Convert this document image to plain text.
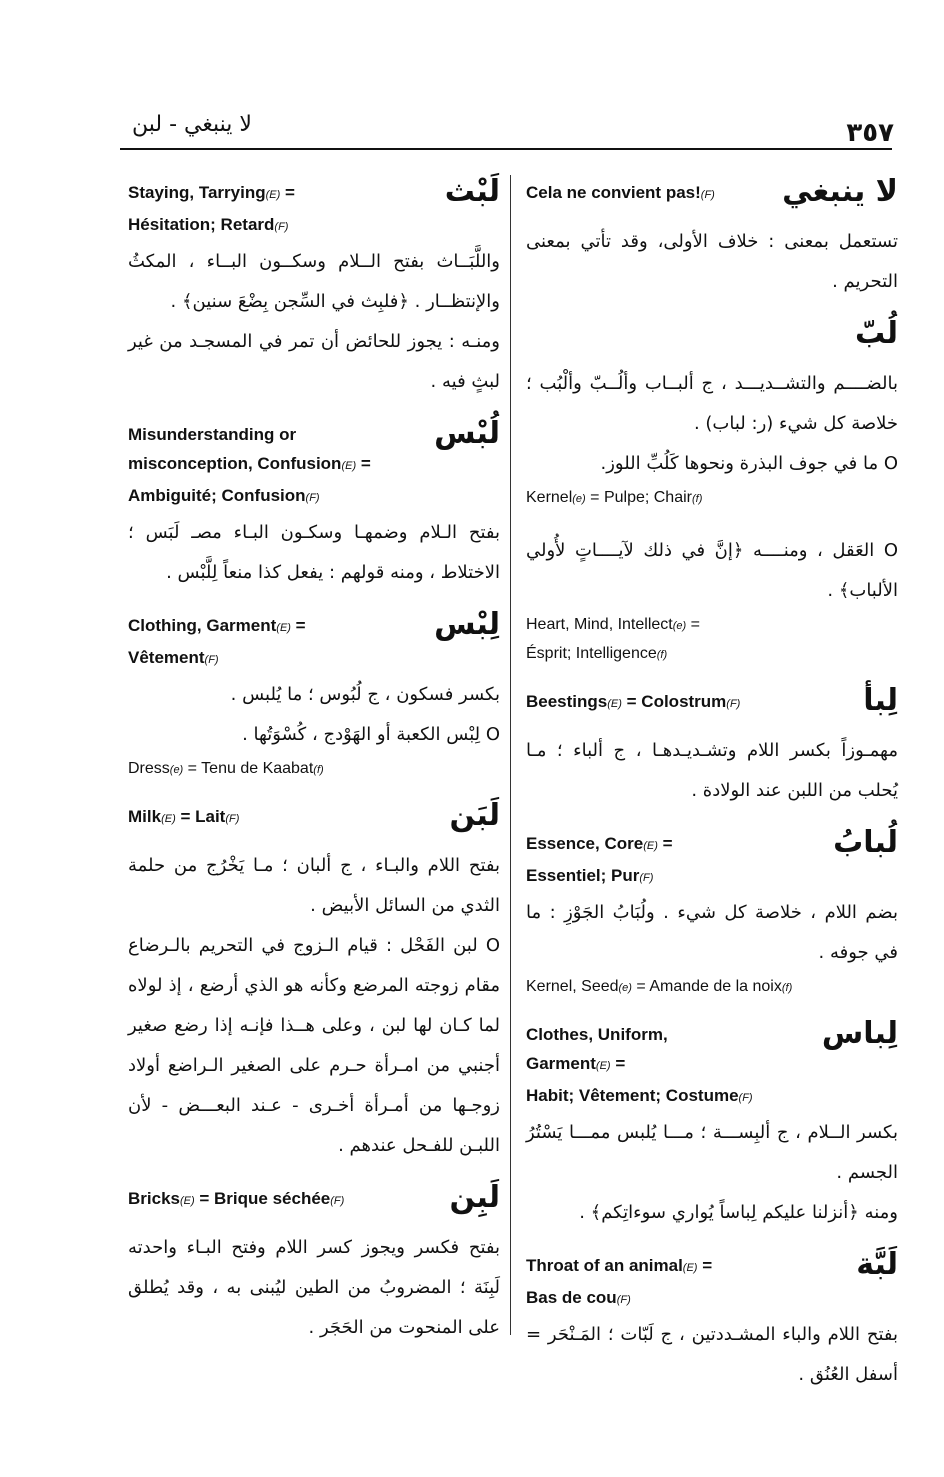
لا ينبغي - لبن	٣٥٧
لَبْث
Staying, Tarrying(E) =
Hésitation; Retard(F)
واللَّبَــاث بفتح الــلام وسكــون البــاء ، المكثُ والإنتظــار . ﴿فلبِث في السِّجن بِضْعَ سنين﴾ .
ومنـه : يجوز للحائض أن تمر في المسجـد من غير لبثٍ فيه .
لُبْس
Misunderstanding or
misconception, Confusion(E) =
Ambiguité; Confusion(F)
بفتح الـلام وضمهـا وسكـون البـاء مصـ لَبَس ؛ الاختلاط ، ومنه قولهم : يفعل كذا منعاً لِلَّبْس .
لِبْس
Clothing, Garment(E) =
Vêtement(F)
بكسر فسكون ، ج لُبُوس ؛ ما يُلبس .
O لِبْس الكعبة أو الهَوْدج ، كُسْوَتُها .
Dress(e) = Tenu de Kaabat(f)
لَبَن
Milk(E) = Lait(F)
بفتح اللام والبـاء ، ج ألبان ؛ مـا يَخْرُج من حلمة الثدي من السائل الأبيض .
O لبن الفَحْل : قيام الـزوج في التحريم بالـرضاع مقام زوجته المرضع وكأنه هو الذي أرضع ، إذ لولاه لما كـان لها لبن ، وعلى هــذا فإنـه إذا رضع صغير أجنبي من امـرأة حـرم على الصغير الـراضع أولاد زوجـها من أمـرأة أخـرى - عـند البعـــض - لأن اللبـن للفـحل عندهم .
لَبِن
Bricks(E) = Brique séchée(F)
بفتح فكسر ويجوز كسر اللام وفتح البـاء واحدته لَبِنَة ؛ المضروبُ من الطين ليُبنى به ، وقد يُطلق على المنحوت من الحَجَر .
لا ينبغي
Cela ne convient pas!(F)
تستعمل بمعنى : خلاف الأولى، وقد تأتي بمعنى التحريم .
لُبّ
بالضــــم والتشــديـــد ، ج ألبــاب وألُــبّ وألْبُب ؛ خلاصة كل شيء (ر: لباب) .
O ما في جوف البذرة ونحوها كَلُبِّ اللوز.
Kernel(e) = Pulpe; Chair(f)
O العَقل ، ومنــــه ﴿إنَّ في ذلك لآيــــاتٍ لأُولي الألباب﴾ .
Heart, Mind, Intellect(e) =
Ésprit; Intelligence(f)
لِبأ
Beestings(E) = Colostrum(F)
مهمـوزاً بكسر اللام وتشـديـدهـا ، ج ألباء ؛ مـا يُحلب من اللبن عند الولادة .
لُبابُ
Essence, Core(E) =
Essentiel; Pur(F)
بضم اللام ، خلاصة كل شيء . ولُبَابُ الجَوْزِ : ما في جوفه .
Kernel, Seed(e) = Amande de la noix(f)
لِباس
Clothes, Uniform,
Garment(E) =
Habit; Vêtement; Costume(F)
بكسر الــلام ، ج ألبِســـة ؛ مـــا يُلبس ممـــا يَسْتُرُ الجسم .
ومنه ﴿أنزلنا عليكم لِباساً يُواري سوءاتِكم﴾ .
لَبَّة
Throat of an animal(E) =
Bas de cou(F)
بفتح اللام والباء المشـددتين ، ج لَبّات ؛ المَـنْحَر = أسفل العُنُق .
